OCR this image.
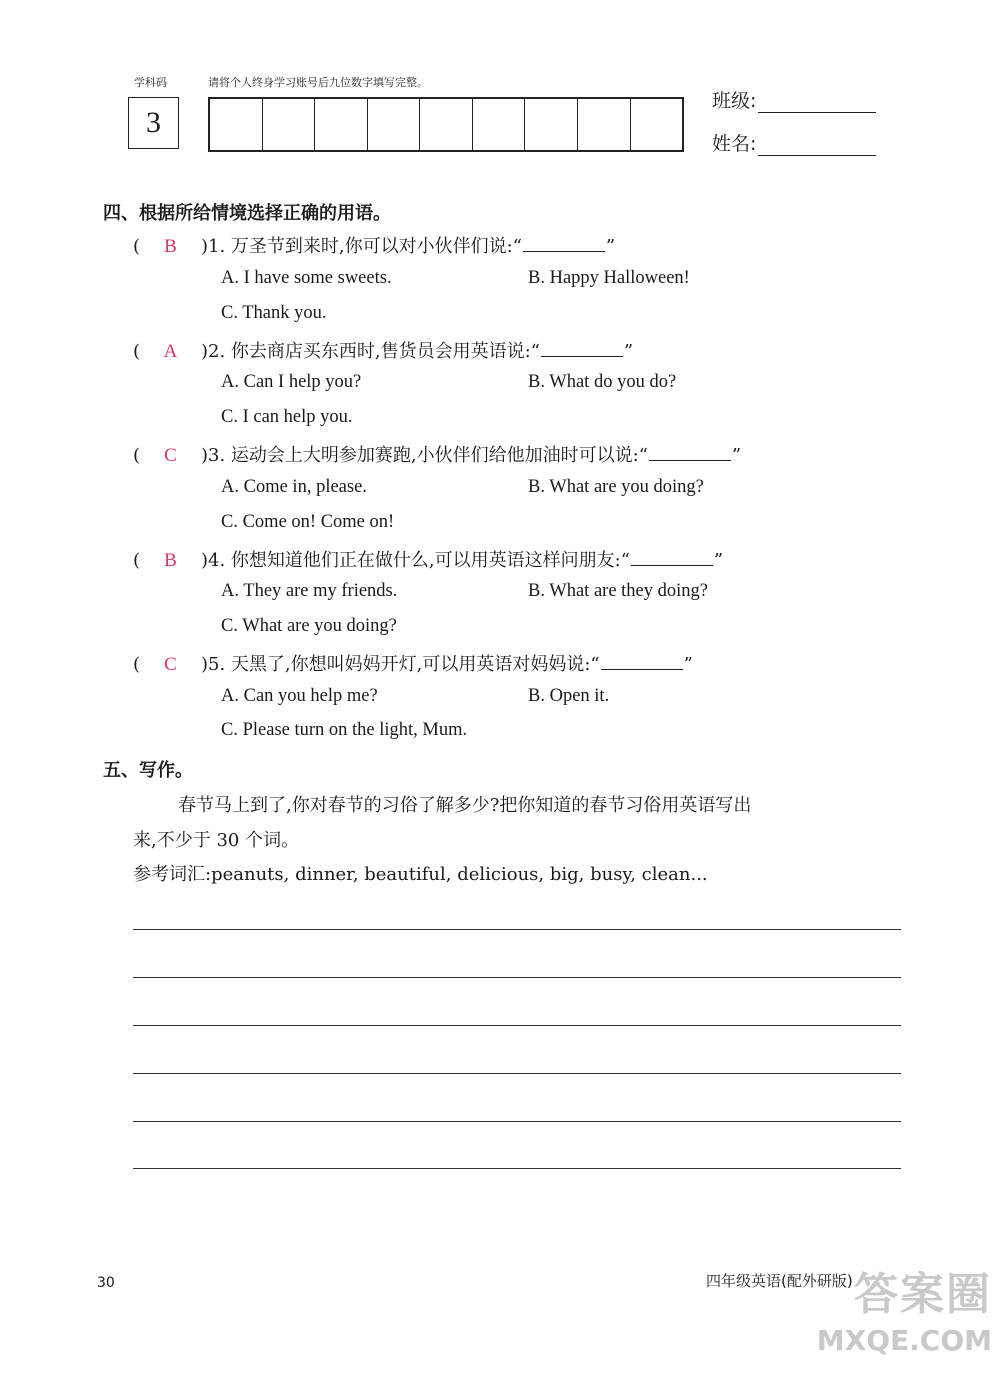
学科码	请将个人终身学习账号后九位数字填写完整。
3
班级:
姓名:
四、根据所给情境选择正确的用语。
( B )1. 万圣节到来时,你可以对小伙伴们说:“	”
A. I have some sweets.	B. Happy Halloween!
C. Thank you.
( A )2. 你去商店买东西时,售货员会用英语说:“	”
A. Can I help you?	B. What do you do?
C. I can help you.
( C )3. 运动会上大明参加赛跑,小伙伴们给他加油时可以说:“	”
A. Come in, please.	B. What are you doing?
C. Come on! Come on!
( B )4. 你想知道他们正在做什么,可以用英语这样问朋友:“	”
A. They are my friends.	B. What are they doing?
C. What are you doing?
( C )5. 天黑了,你想叫妈妈开灯,可以用英语对妈妈说:“	”
A. Can you help me?	B. Open it.
C. Please turn on the light, Mum.
五、写作。
春节马上到了,你对春节的习俗了解多少?把你知道的春节习俗用英语写出
来,不少于 30 个词。
参考词汇:peanuts, dinner, beautiful, delicious, big, busy, clean...
30	四年级英语(配外研版) 答案圈
MXQE.COM
